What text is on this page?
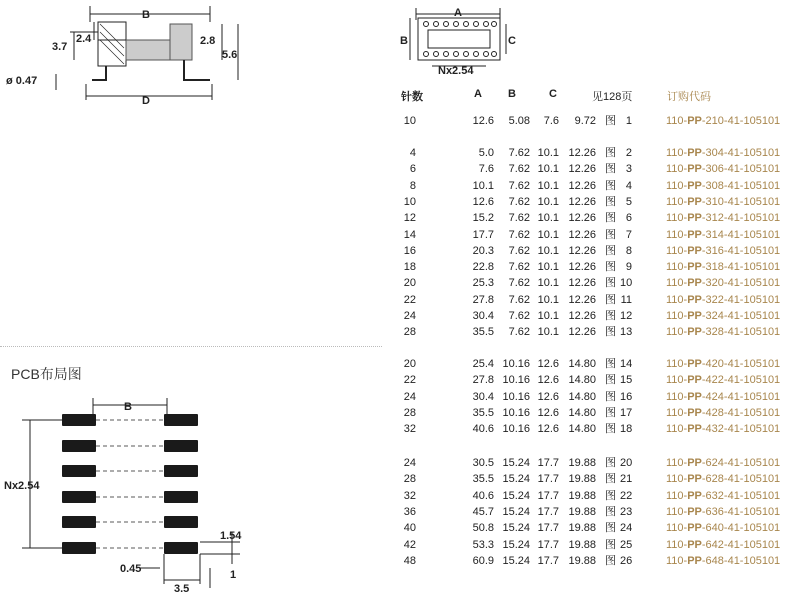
B
D
3.7
2.4	2.8
5.6
ø 0.47
A
B	C
Nx2.54
针数	A B	C	见128页	订购代码
10	12.6	5.08	7.6	9.72 图 1	110-PP-210-41-105101
4	5.0	7.62 10.1 12.26 图 2	110-PP-304-41-105101
6	7.6	7.62 10.1 12.26 图 3	110-PP-306-41-105101
8	10.1	7.62 10.1 12.26 图 4	110-PP-308-41-105101
10	12.6	7.62 10.1 12.26 图 5	110-PP-310-41-105101
12	15.2	7.62 10.1 12.26 图 6	110-PP-312-41-105101
14	17.7	7.62 10.1 12.26 图 7	110-PP-314-41-105101
16	20.3	7.62 10.1 12.26 图 8	110-PP-316-41-105101
18	22.8	7.62 10.1 12.26 图 9	110-PP-318-41-105101
20	25.3	7.62 10.1 12.26 图 10	110-PP-320-41-105101
22	27.8	7.62 10.1 12.26 图 11	110-PP-322-41-105101
24	30.4	7.62 10.1 12.26 图 12	110-PP-324-41-105101
28	35.5	7.62 10.1 12.26 图 13	110-PP-328-41-105101
20	25.4 10.16 12.6 14.80 图 14	110-PP-420-41-105101
22	27.8 10.16 12.6 14.80 图 15	110-PP-422-41-105101
24	30.4 10.16 12.6 14.80 图 16	110-PP-424-41-105101
28	35.5 10.16 12.6 14.80 图 17	110-PP-428-41-105101
32	40.6 10.16 12.6 14.80 图 18	110-PP-432-41-105101
24	30.5 15.24 17.7 19.88 图 20	110-PP-624-41-105101
28	35.5 15.24 17.7 19.88 图 21	110-PP-628-41-105101
32	40.6 15.24 17.7 19.88 图 22	110-PP-632-41-105101
36	45.7 15.24 17.7 19.88 图 23	110-PP-636-41-105101
40	50.8 15.24 17.7 19.88 图 24	110-PP-640-41-105101
42	53.3 15.24 17.7 19.88 图 25	110-PP-642-41-105101
48	60.9 15.24 17.7 19.88 图 26	110-PP-648-41-105101
PCB布局图
B
Nx2.54
1.54
0.45
3.5
1
